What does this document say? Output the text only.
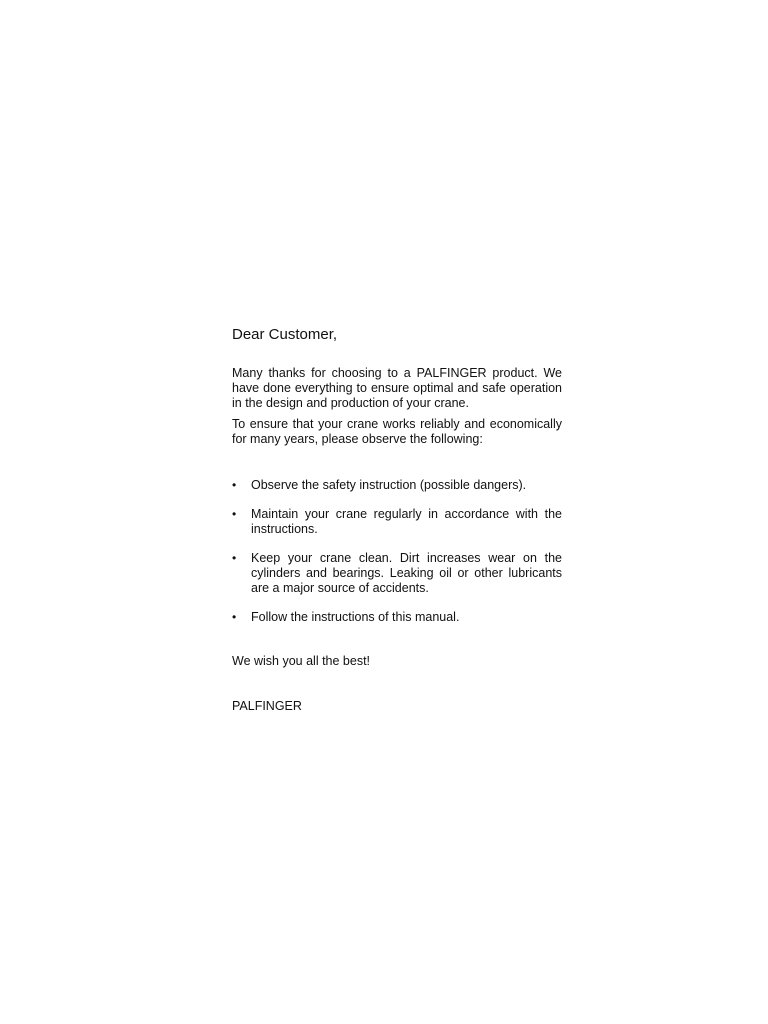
Dear Customer,

Many thanks for choosing to a PALFINGER product. We have done everything to ensure optimal and safe operation in the design and production of your crane.

To ensure that your crane works reliably and economically for many years, please observe the following:

•	Observe the safety instruction (possible dangers).
•	Maintain your crane regularly in accordance with the instructions.
•	Keep your crane clean. Dirt increases wear on the cylinders and bearings. Leaking oil or other lubricants are a major source of accidents.
•	Follow the instructions of this manual.

We wish you all the best!

PALFINGER
